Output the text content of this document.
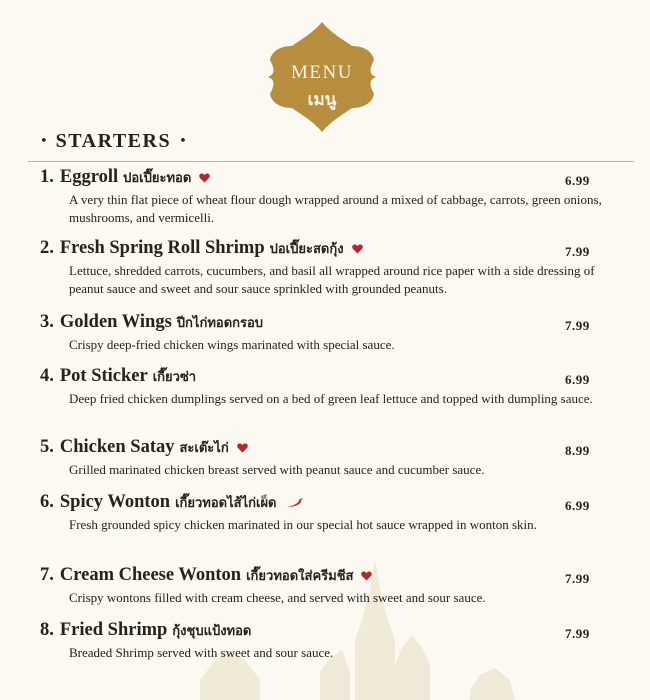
MENU
เมนู
• STARTERS •
1. Eggroll ปอเปี๊ยะทอด	6.99
A very thin flat piece of wheat flour dough wrapped around a mixed of cabbage, carrots, green onions, mushrooms, and vermicelli.
2. Fresh Spring Roll Shrimp ปอเปี๊ยะสดกุ้ง	7.99
Lettuce, shredded carrots, cucumbers, and basil all wrapped around rice paper with a side dressing of peanut sauce and sweet and sour sauce sprinkled with grounded peanuts.
3. Golden Wings ปีกไก่ทอดกรอบ	7.99
Crispy deep-fried chicken wings marinated with special sauce.
4. Pot Sticker เกี๊ยวซ่า	6.99
Deep fried chicken dumplings served on a bed of green leaf lettuce and topped with dumpling sauce.
5. Chicken Satay สะเต๊ะไก่	8.99
Grilled marinated chicken breast served with peanut sauce and cucumber sauce.
6. Spicy Wonton เกี๊ยวทอดไส้ไก่เผ็ด	6.99
Fresh grounded spicy chicken marinated in our special hot sauce wrapped in wonton skin.
7. Cream Cheese Wonton เกี๊ยวทอดใส่ครีมชีส	7.99
Crispy wontons filled with cream cheese, and served with sweet and sour sauce.
8. Fried Shrimp กุ้งชุบแป้งทอด	7.99
Breaded Shrimp served with sweet and sour sauce.
